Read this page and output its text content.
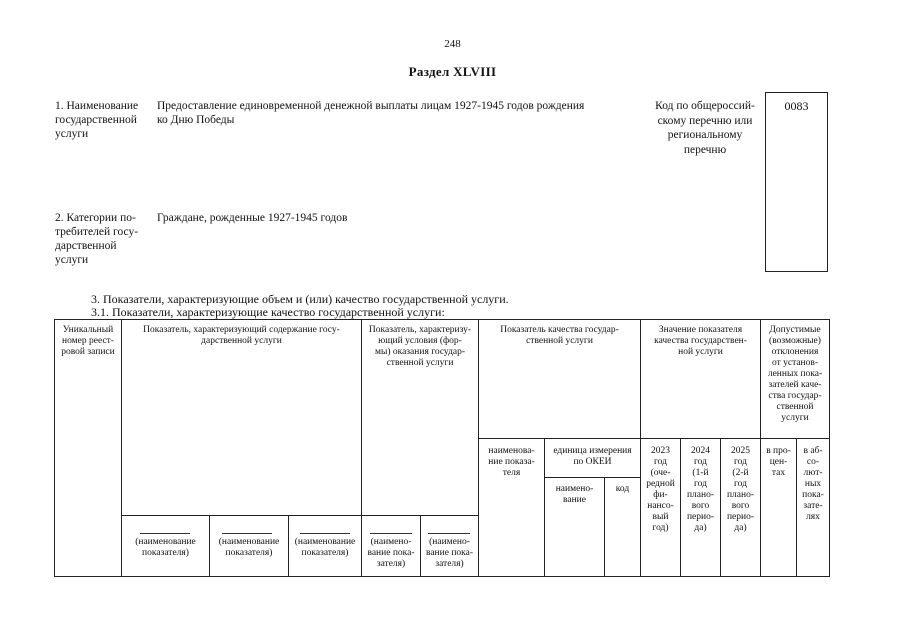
248
Раздел XLVIII
1. Наименование
государственной
услуги
Предоставление единовременной денежной выплаты лицам 1927-1945 годов рождения
ко Дню Победы
Код по общероссий-
скому перечню или
региональному
перечню
0083
2. Категории по-
требителей госу-
дарственной
услуги
Граждане, рожденные 1927-1945 годов
3. Показатели, характеризующие объем и (или) качество государственной услуги.
3.1. Показатели, характеризующие качество государственной услуги:
Уникальный
номер реест-
ровой записи
Показатель, характеризующий содержание госу-
дарственной услуги
Показатель, характеризу-
ющий условия (фор-
мы) оказания государ-
ственной услуги
Показатель качества государ-
ственной услуги
Значение показателя
качества государствен-
ной услуги
Допустимые
(возможные)
отклонения
от установ-
ленных пока-
зателей каче-
ства государ-
ственной
услуги
наименова-
ние показа-
теля
единица измерения
по ОКЕИ
наимено-
вание
код
2023
год
(оче-
редной
фи-
нансо-
вый
год)
2024
год
(1-й
год
плано-
вого
перио-
да)
2025
год
(2-й
год
плано-
вого
перио-
да)
в про-
цен-
тах
в аб-
со-
лют-
ных
пока-
зате-
лях
(наименование
показателя)
(наименование
показателя)
(наименование
показателя)
(наимено-
вание пока-
зателя)
(наимено-
вание пока-
зателя)
